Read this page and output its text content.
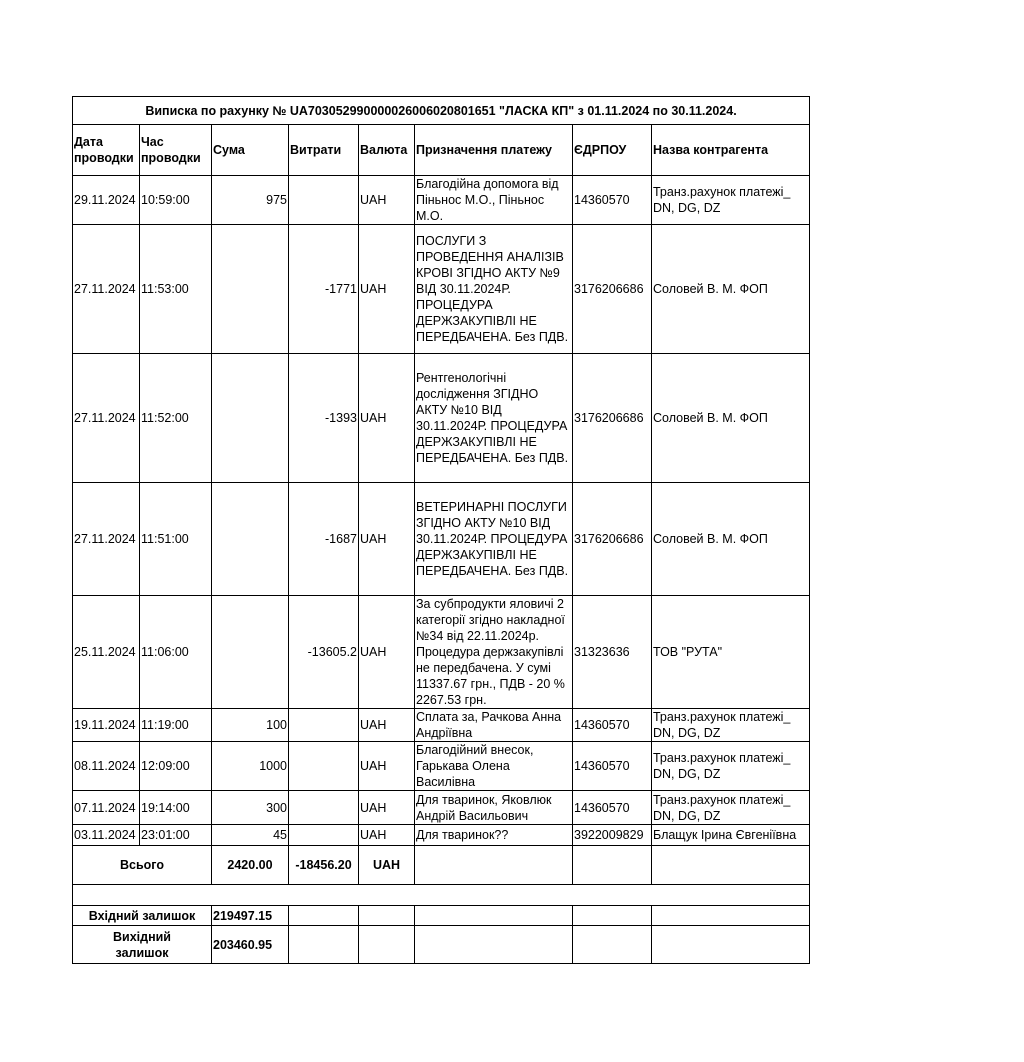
Виписка по рахунку № UA703052990000026006020801651 "ЛАСКА КП" з 01.11.2024 по 30.11.2024.							
Дата проводки	Час проводки	Сума	Витрати	Валюта	Призначення платежу	ЄДРПОУ	Назва контрагента
29.11.2024	10:59:00	975		UAH	Благодійна допомога від Піньнос М.О., Піньнос М.О.	14360570	Транз.рахунок платежі_ DN, DG, DZ
27.11.2024	11:53:00		-1771	UAH	ПОСЛУГИ З ПРОВЕДЕННЯ АНАЛІЗІВ КРОВІ ЗГІДНО АКТУ №9 ВІД 30.11.2024Р. ПРОЦЕДУРА ДЕРЖЗАКУПІВЛІ НЕ ПЕРЕДБАЧЕНА. Без ПДВ.	3176206686	Соловей В. М. ФОП
27.11.2024	11:52:00		-1393	UAH	Рентгенологічні дослідження ЗГІДНО АКТУ №10 ВІД 30.11.2024Р. ПРОЦЕДУРА ДЕРЖЗАКУПІВЛІ НЕ ПЕРЕДБАЧЕНА. Без ПДВ.	3176206686	Соловей В. М. ФОП
27.11.2024	11:51:00		-1687	UAH	ВЕТЕРИНАРНІ ПОСЛУГИ ЗГІДНО АКТУ №10 ВІД 30.11.2024Р. ПРОЦЕДУРА ДЕРЖЗАКУПІВЛІ НЕ ПЕРЕДБАЧЕНА. Без ПДВ.	3176206686	Соловей В. М. ФОП
25.11.2024	11:06:00		-13605.2	UAH	За субпродукти яловичі 2 категорії згідно накладної №34 від 22.11.2024р. Процедура держзакупівлі не передбачена. У сумі 11337.67 грн., ПДВ - 20 % 2267.53 грн.	31323636	ТОВ "РУТА"
19.11.2024	11:19:00	100		UAH	Сплата за, Рачкова Анна Андріївна	14360570	Транз.рахунок платежі_ DN, DG, DZ
08.11.2024	12:09:00	1000		UAH	Благодійний внесок, Гарькава Олена Василівна	14360570	Транз.рахунок платежі_ DN, DG, DZ
07.11.2024	19:14:00	300		UAH	Для тваринок, Яковлюк Андрій Васильович	14360570	Транз.рахунок платежі_ DN, DG, DZ
03.11.2024	23:01:00	45		UAH	Для тваринок??	3922009829	Блащук Ірина Євгеніївна
Всього		2420.00	-18456.20	UAH			

Вхідний залишок		219497.15					
Вихідний залишок		203460.95					
